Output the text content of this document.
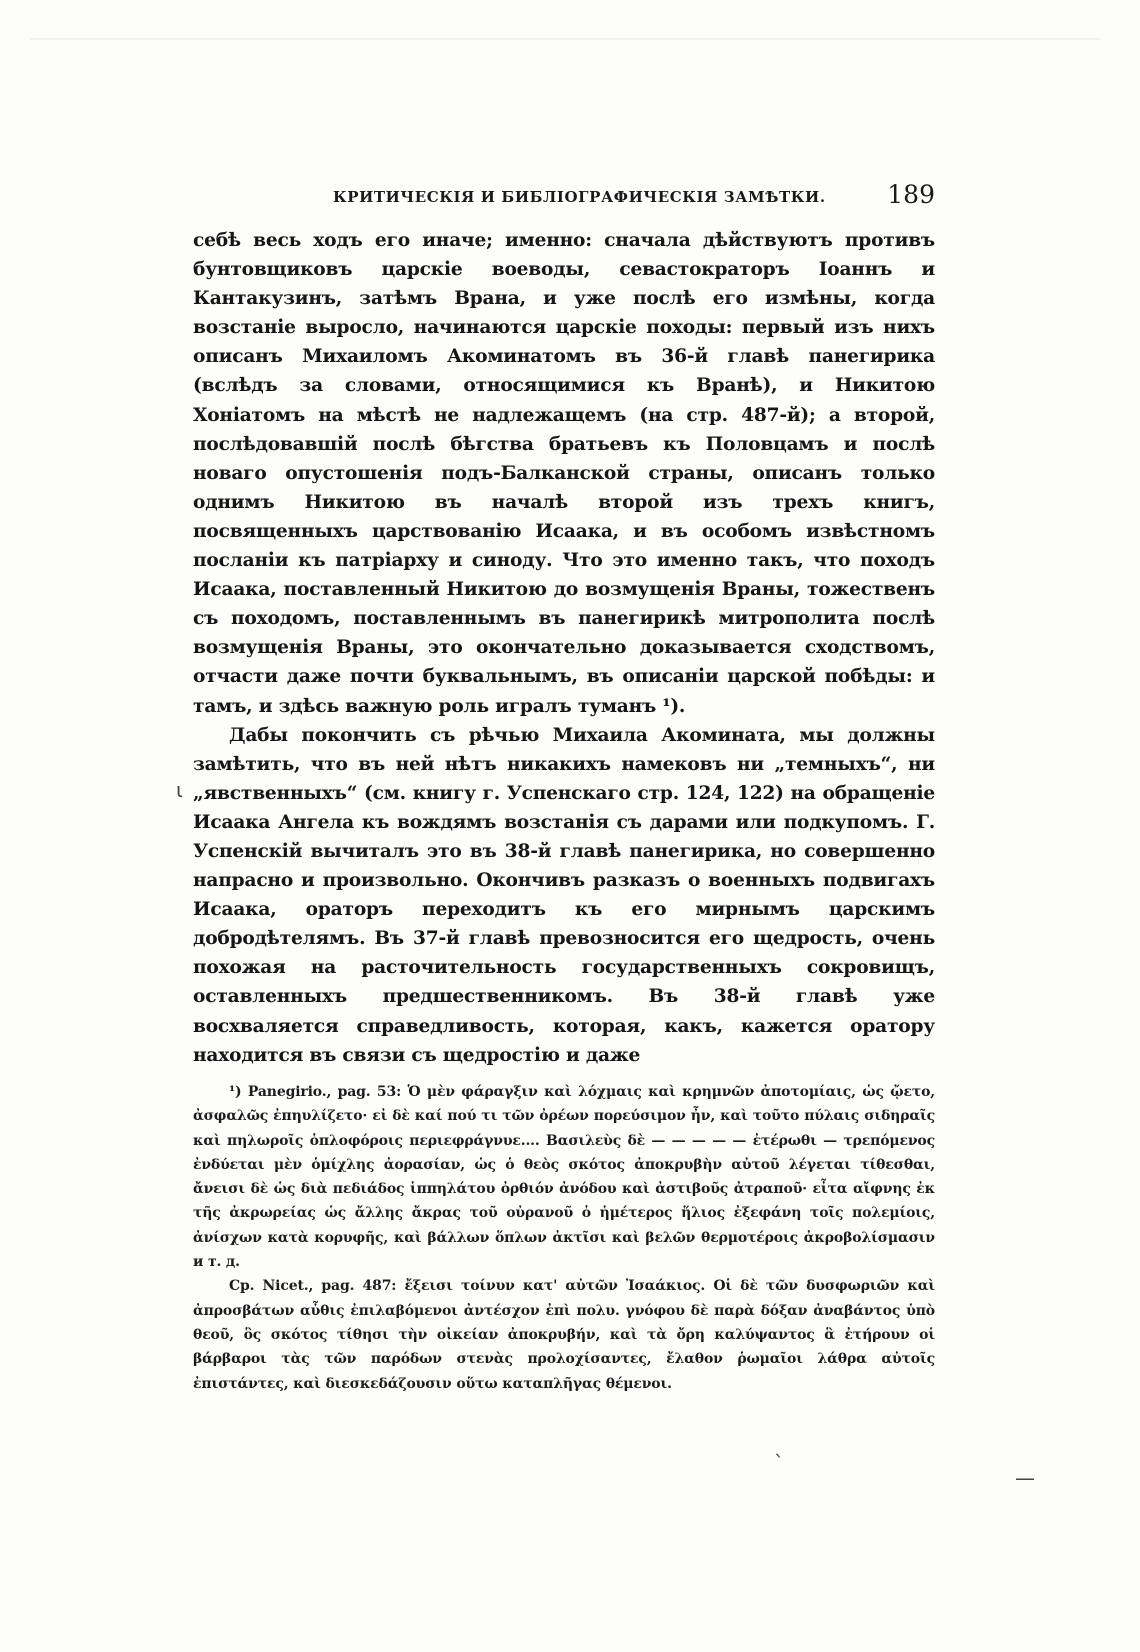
КРИТИЧЕСКІЯ И БИБЛІОГРАФИЧЕСКІЯ ЗАМѢТКИ. 189

себѣ весь ходъ его иначе; именно: сначала дѣйствуютъ противъ бунтовщиковъ царскіе воеводы, севастократоръ Іоаннъ и Кантакузинъ, затѣмъ Врана, и уже послѣ его измѣны, когда возстаніе выросло, начинаются царскіе походы: первый изъ нихъ описанъ Михаиломъ Акоминатомъ въ 36-й главѣ панегирика (вслѣдъ за словами, относящимися къ Вранѣ), и Никитою Хоніатомъ на мѣстѣ не надлежащемъ (на стр. 487-й); а второй, послѣдовавшій послѣ бѣгства братьевъ къ Половцамъ и послѣ новаго опустошенія подъ-Балканской страны, описанъ только однимъ Никитою въ началѣ второй изъ трехъ книгъ, посвященныхъ царствованію Исаака, и въ особомъ извѣстномъ посланіи къ патріарху и синоду. Что это именно такъ, что походъ Исаака, поставленный Никитою до возмущенія Враны, тожественъ съ походомъ, поставленнымъ въ панегирикѣ митрополита послѣ возмущенія Враны, это окончательно доказывается сходствомъ, отчасти даже почти буквальнымъ, въ описаніи царской побѣды: и тамъ, и здѣсь важную роль игралъ туманъ ¹).

Дабы покончить съ рѣчью Михаила Акомината, мы должны замѣтить, что въ ней нѣтъ никакихъ намековъ ни „темныхъ“, ни „явственныхъ“ (см. книгу г. Успенскаго стр. 124, 122) на обращеніе Исаака Ангела къ вождямъ возстанія съ дарами или подкупомъ. Г. Успенскій вычиталъ это въ 38-й главѣ панегирика, но совершенно напрасно и произвольно. Окончивъ разказъ о военныхъ подвигахъ Исаака, ораторъ переходитъ къ его мирнымъ царскимъ добродѣтелямъ. Въ 37-й главѣ превозносится его щедрость, очень похожая на расточительность государственныхъ сокровищъ, оставленныхъ предшественникомъ. Въ 38-й главѣ уже восхваляется справедливость, которая, какъ, кажется оратору находится въ связи съ щедростію и даже

¹) Panegirio., pag. 53: Ὁ μὲν φάραγξιν καὶ λόχμαις καὶ κρημνῶν ἀποτομίαις, ὡς ᾤετο, ἀσφαλῶς ἐπηυλίζετο· εἰ δὲ καί πού τι τῶν ὀρέων πορεύσιμον ἦν, καὶ τοῦτο πύλαις σιδηραῖς καὶ πηλωροῖς ὁπλοφόροις περιεφράγνυε.... Βασιλεὺς δὲ — — — — — ἐτέρωθι — τρεπόμενος ἐνδύεται μὲν ὁμίχλης ἀορασίαν, ὡς ὁ θεὸς σκότος ἀποκρυβὴν αὐτοῦ λέγεται τίθεσθαι, ἄνεισι δὲ ὡς διὰ πεδιάδος ἱππηλάτου ὀρθιόν ἀνόδου καὶ ἀστιβοῦς ἀτραποῦ· εἶτα αἴφνης ἐκ τῆς ἀκρωρείας ὡς ἄλλης ἄκρας τοῦ οὐρανοῦ ὁ ἡμέτερος ἥλιος ἐξεφάνη τοῖς πολεμίοις, ἀνίσχων κατὰ κορυφῆς, καὶ βάλλων ὅπλων ἀκτῖσι καὶ βελῶν θερμοτέροις ἀκροβολίσμασιν и т. д.

Cp. Nicet., pag. 487: ἔξεισι τοίνυν κατ' αὐτῶν Ἰσαάκιος. Οἱ δὲ τῶν δυσφωριῶν καὶ ἀπροσβάτων αὖθις ἐπιλαβόμενοι ἀντέσχον ἐπὶ πολυ. γνόφου δὲ παρὰ δόξαν ἀναβάντος ὑπὸ θεοῦ, ὃς σκότος τίθησι τὴν οἰκείαν ἀποκρυβήν, καὶ τὰ ὄρη καλύψαντος ἃ ἐτήρουν οἱ βάρβαροι τὰς τῶν παρόδων στενὰς προλοχίσαντες, ἔλαθον ῥωμαῖοι λάθρα αὐτοῖς ἐπιστάντες, καὶ διεσκεδάζουσιν οὕτω καταπλῆγας θέμενοι.

ι
ˋ
—
